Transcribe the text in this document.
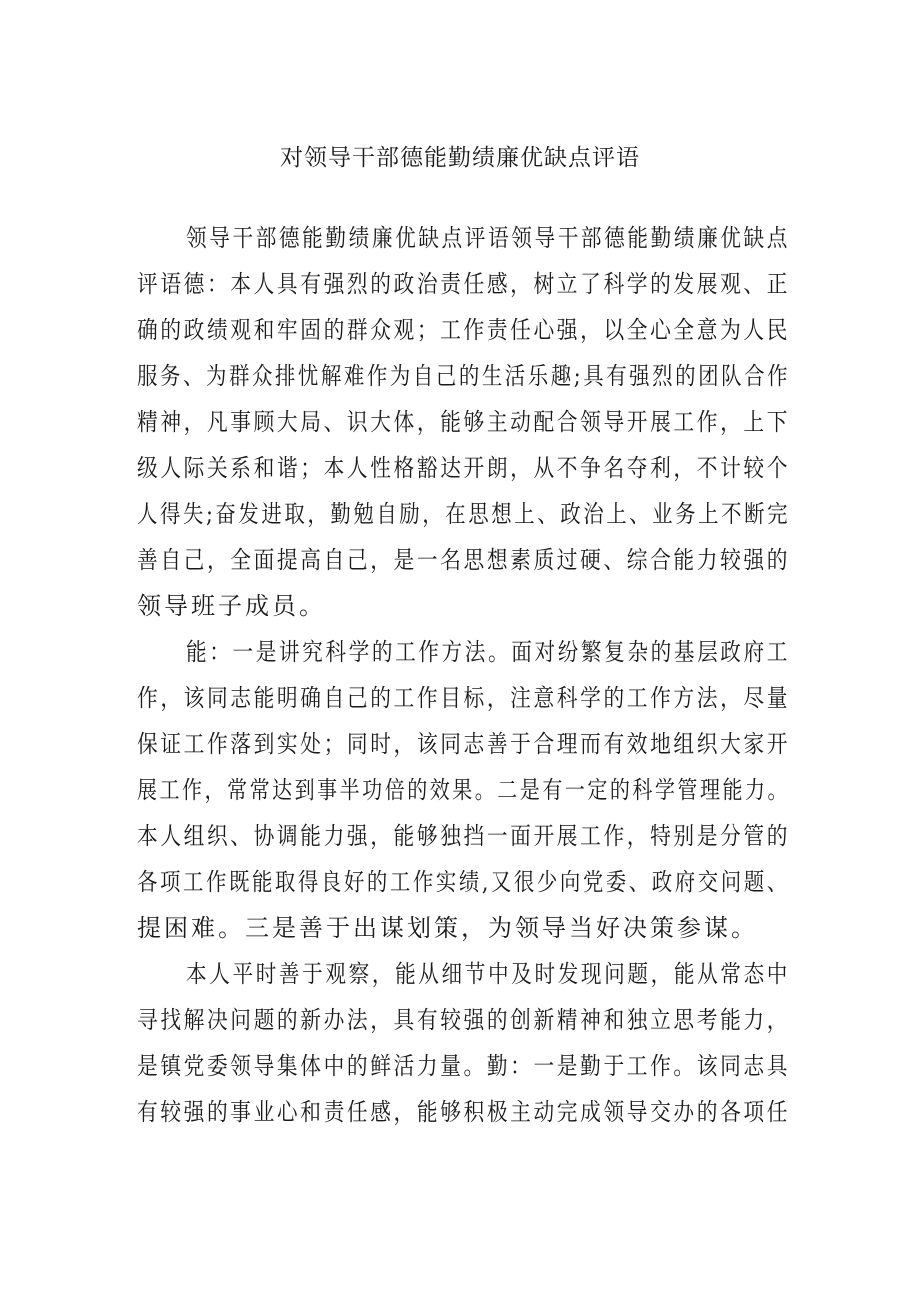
对领导干部德能勤绩廉优缺点评语

领导干部德能勤绩廉优缺点评语领导干部德能勤绩廉优缺点

评语德：本人具有强烈的政治责任感，树立了科学的发展观、正

确的政绩观和牢固的群众观；工作责任心强，以全心全意为人民

服务、为群众排忧解难作为自己的生活乐趣;具有强烈的团队合作

精神，凡事顾大局、识大体，能够主动配合领导开展工作，上下

级人际关系和谐；本人性格豁达开朗，从不争名夺利，不计较个

人得失;奋发进取，勤勉自励，在思想上、政治上、业务上不断完

善自己，全面提高自己，是一名思想素质过硬、综合能力较强的

领导班子成员。

能：一是讲究科学的工作方法。面对纷繁复杂的基层政府工

作，该同志能明确自己的工作目标，注意科学的工作方法，尽量

保证工作落到实处；同时，该同志善于合理而有效地组织大家开

展工作，常常达到事半功倍的效果。二是有一定的科学管理能力。

本人组织、协调能力强，能够独挡一面开展工作，特别是分管的

各项工作既能取得良好的工作实绩,又很少向党委、政府交问题、

提困难。三是善于出谋划策，为领导当好决策参谋。

本人平时善于观察，能从细节中及时发现问题，能从常态中

寻找解决问题的新办法，具有较强的创新精神和独立思考能力，

是镇党委领导集体中的鲜活力量。勤：一是勤于工作。该同志具

有较强的事业心和责任感，能够积极主动完成领导交办的各项任
